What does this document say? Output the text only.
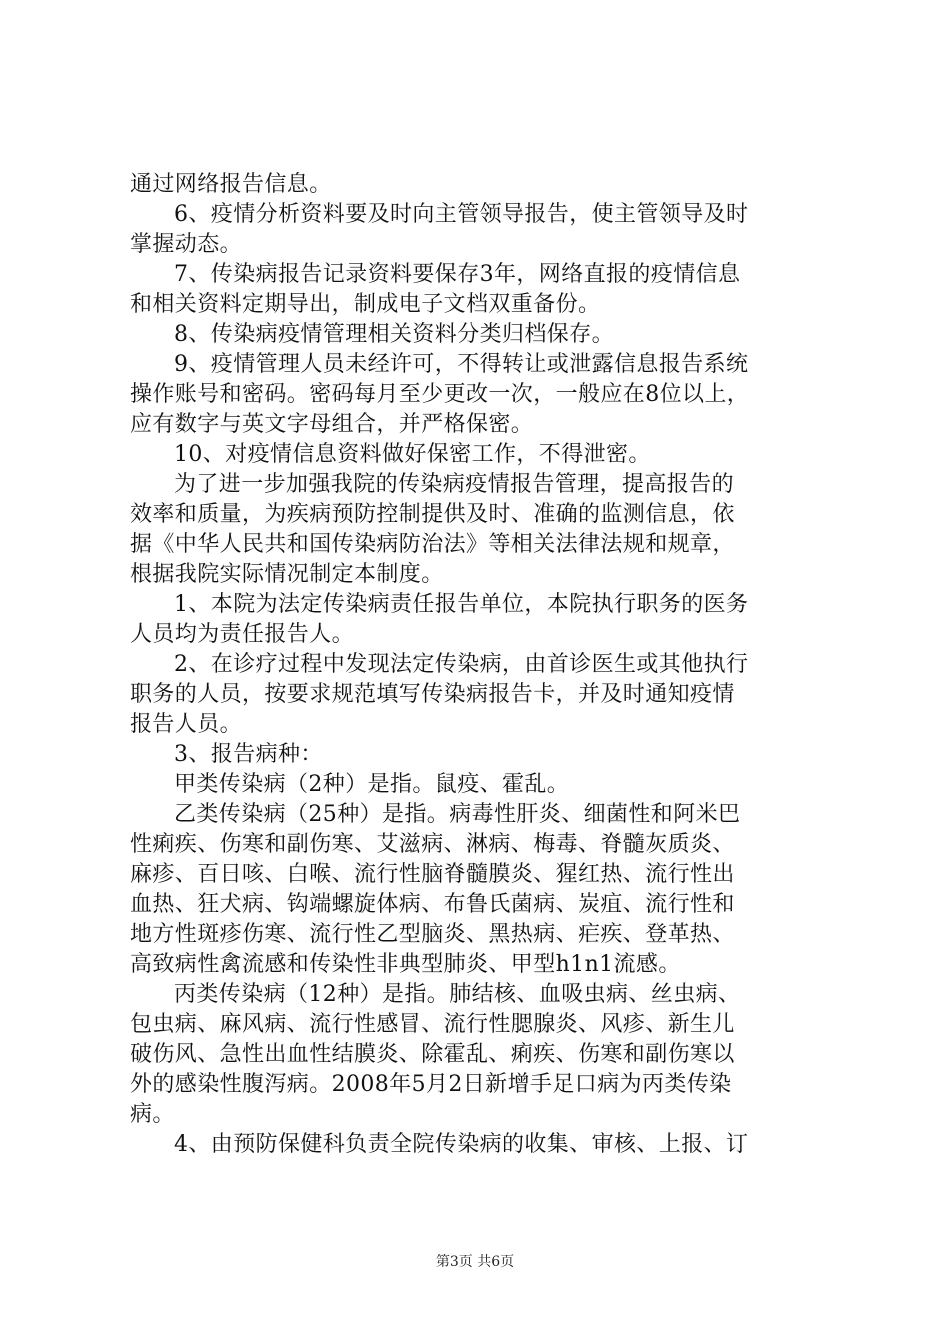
通过网络报告信息。
6、疫情分析资料要及时向主管领导报告，使主管领导及时
掌握动态。
7、传染病报告记录资料要保存3年，网络直报的疫情信息
和相关资料定期导出，制成电子文档双重备份。
8、传染病疫情管理相关资料分类归档保存。
9、疫情管理人员未经许可，不得转让或泄露信息报告系统
操作账号和密码。密码每月至少更改一次，一般应在8位以上，
应有数字与英文字母组合，并严格保密。
10、对疫情信息资料做好保密工作，不得泄密。
为了进一步加强我院的传染病疫情报告管理，提高报告的
效率和质量，为疾病预防控制提供及时、准确的监测信息，依
据《中华人民共和国传染病防治法》等相关法律法规和规章，
根据我院实际情况制定本制度。
1、本院为法定传染病责任报告单位，本院执行职务的医务
人员均为责任报告人。
2、在诊疗过程中发现法定传染病，由首诊医生或其他执行
职务的人员，按要求规范填写传染病报告卡，并及时通知疫情
报告人员。
3、报告病种：
甲类传染病（2种）是指。鼠疫、霍乱。
乙类传染病（25种）是指。病毒性肝炎、细菌性和阿米巴
性痢疾、伤寒和副伤寒、艾滋病、淋病、梅毒、脊髓灰质炎、
麻疹、百日咳、白喉、流行性脑脊髓膜炎、猩红热、流行性出
血热、狂犬病、钩端螺旋体病、布鲁氏菌病、炭疽、流行性和
地方性斑疹伤寒、流行性乙型脑炎、黑热病、疟疾、登革热、
高致病性禽流感和传染性非典型肺炎、甲型h1n1流感。
丙类传染病（12种）是指。肺结核、血吸虫病、丝虫病、
包虫病、麻风病、流行性感冒、流行性腮腺炎、风疹、新生儿
破伤风、急性出血性结膜炎、除霍乱、痢疾、伤寒和副伤寒以
外的感染性腹泻病。2008年5月2日新增手足口病为丙类传染
病。
4、由预防保健科负责全院传染病的收集、审核、上报、订
第3页 共6页
